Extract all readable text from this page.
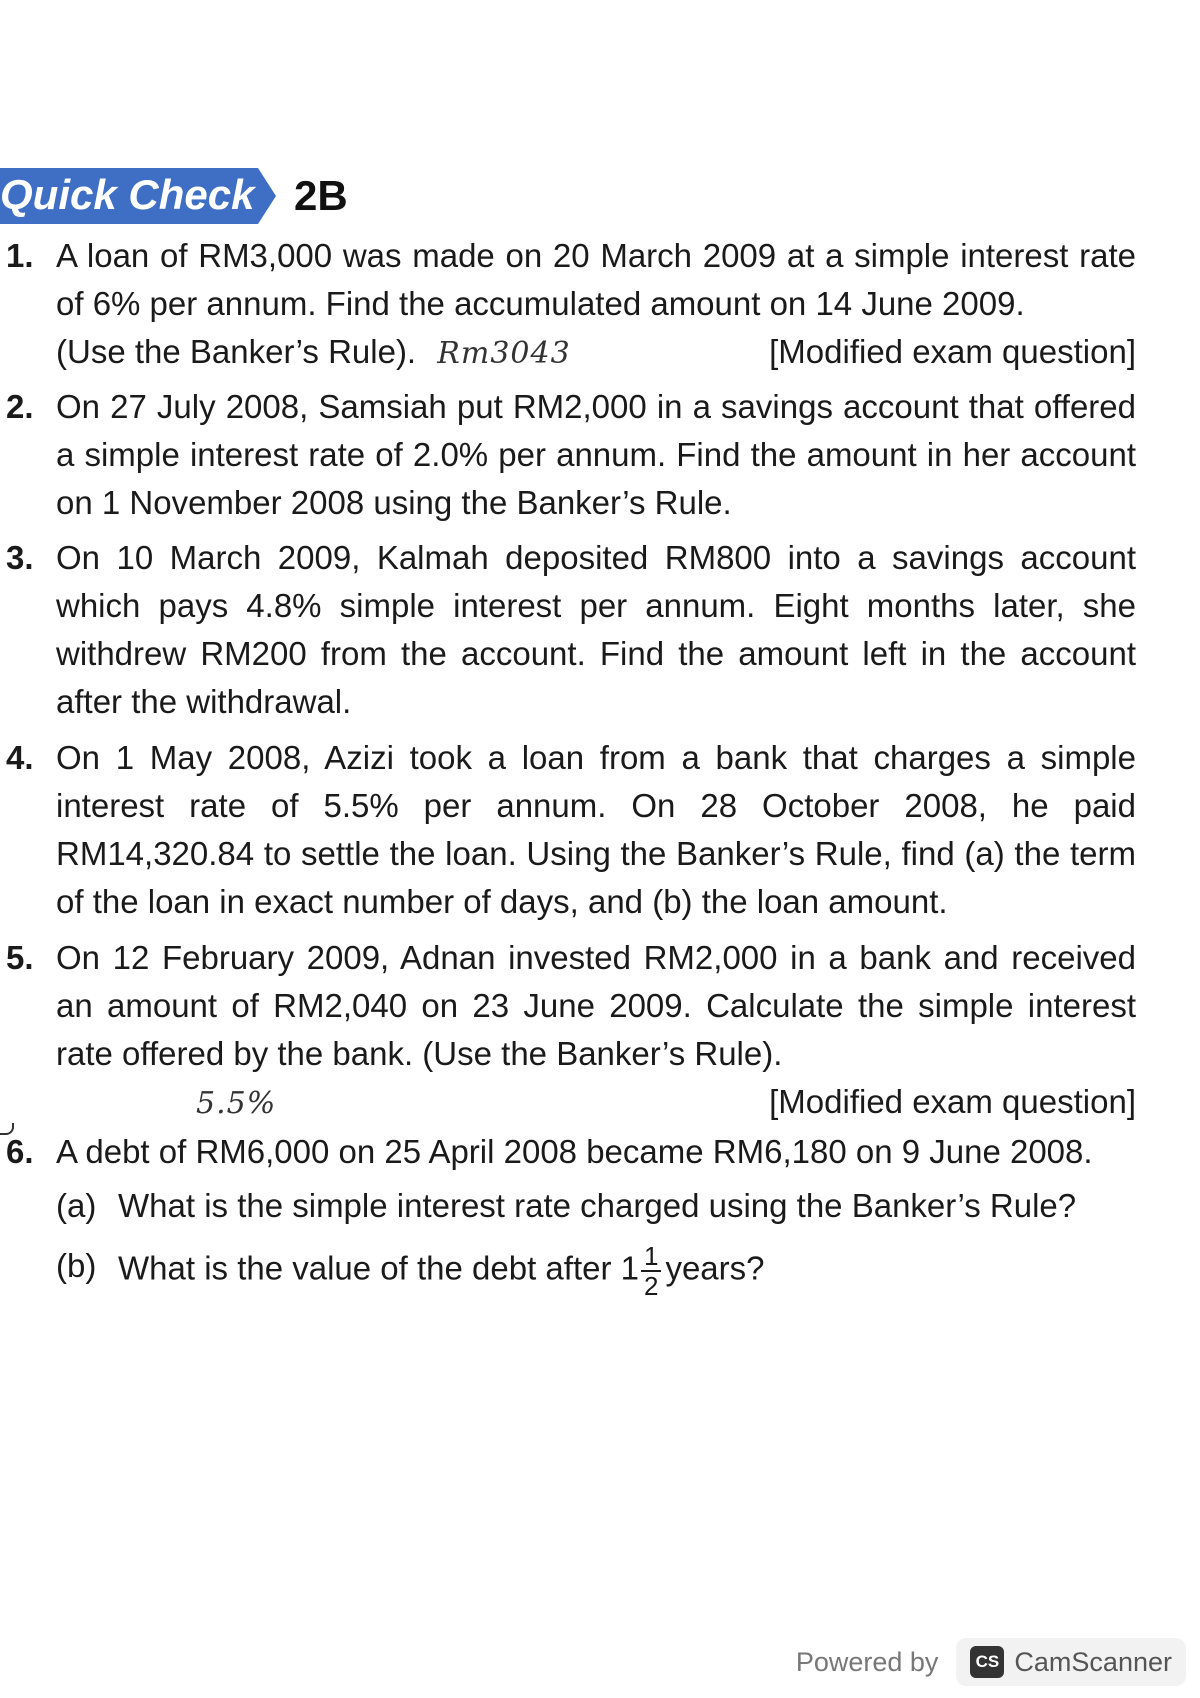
Quick Check 2B
1. A loan of RM3,000 was made on 20 March 2009 at a simple interest rate of 6% per annum. Find the accumulated amount on 14 June 2009.
(Use the Banker’s Rule). Rm3043	[Modified exam question]
2. On 27 July 2008, Samsiah put RM2,000 in a savings account that offered a simple interest rate of 2.0% per annum. Find the amount in her account on 1 November 2008 using the Banker’s Rule.
3. On 10 March 2009, Kalmah deposited RM800 into a savings account which pays 4.8% simple interest per annum. Eight months later, she withdrew RM200 from the account. Find the amount left in the account after the withdrawal.
4. On 1 May 2008, Azizi took a loan from a bank that charges a simple interest rate of 5.5% per annum. On 28 October 2008, he paid RM14,320.84 to settle the loan. Using the Banker’s Rule, find (a) the term of the loan in exact number of days, and (b) the loan amount.
5. On 12 February 2009, Adnan invested RM2,000 in a bank and received an amount of RM2,040 on 23 June 2009. Calculate the simple interest rate offered by the bank. (Use the Banker’s Rule).
5.5%	[Modified exam question]
6. A debt of RM6,000 on 25 April 2008 became RM6,180 on 9 June 2008.
(a) What is the simple interest rate charged using the Banker’s Rule?
(b) What is the value of the debt after $1 \frac{1}{2}$ years?
Powered by	CS CamScanner
